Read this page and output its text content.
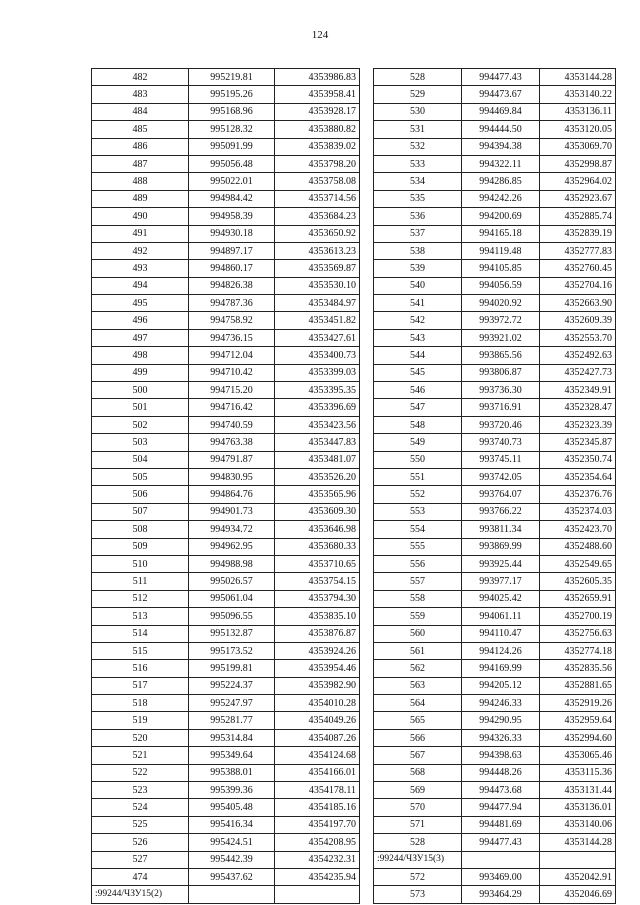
124
482	995219.81	4353986.83
483	995195.26	4353958.41
484	995168.96	4353928.17
485	995128.32	4353880.82
486	995091.99	4353839.02
487	995056.48	4353798.20
488	995022.01	4353758.08
489	994984.42	4353714.56
490	994958.39	4353684.23
491	994930.18	4353650.92
492	994897.17	4353613.23
493	994860.17	4353569.87
494	994826.38	4353530.10
495	994787.36	4353484.97
496	994758.92	4353451.82
497	994736.15	4353427.61
498	994712.04	4353400.73
499	994710.42	4353399.03
500	994715.20	4353395.35
501	994716.42	4353396.69
502	994740.59	4353423.56
503	994763.38	4353447.83
504	994791.87	4353481.07
505	994830.95	4353526.20
506	994864.76	4353565.96
507	994901.73	4353609.30
508	994934.72	4353646.98
509	994962.95	4353680.33
510	994988.98	4353710.65
511	995026.57	4353754.15
512	995061.04	4353794.30
513	995096.55	4353835.10
514	995132.87	4353876.87
515	995173.52	4353924.26
516	995199.81	4353954.46
517	995224.37	4353982.90
518	995247.97	4354010.28
519	995281.77	4354049.26
520	995314.84	4354087.26
521	995349.64	4354124.68
522	995388.01	4354166.01
523	995399.36	4354178.11
524	995405.48	4354185.16
525	995416.34	4354197.70
526	995424.51	4354208.95
527	995442.39	4354232.31
474	995437.62	4354235.94
:99244/ЧЗУ15(2)		
528	994477.43	4353144.28
529	994473.67	4353140.22
530	994469.84	4353136.11
531	994444.50	4353120.05
532	994394.38	4353069.70
533	994322.11	4352998.87
534	994286.85	4352964.02
535	994242.26	4352923.67
536	994200.69	4352885.74
537	994165.18	4352839.19
538	994119.48	4352777.83
539	994105.85	4352760.45
540	994056.59	4352704.16
541	994020.92	4352663.90
542	993972.72	4352609.39
543	993921.02	4352553.70
544	993865.56	4352492.63
545	993806.87	4352427.73
546	993736.30	4352349.91
547	993716.91	4352328.47
548	993720.46	4352323.39
549	993740.73	4352345.87
550	993745.11	4352350.74
551	993742.05	4352354.64
552	993764.07	4352376.76
553	993766.22	4352374.03
554	993811.34	4352423.70
555	993869.99	4352488.60
556	993925.44	4352549.65
557	993977.17	4352605.35
558	994025.42	4352659.91
559	994061.11	4352700.19
560	994110.47	4352756.63
561	994124.26	4352774.18
562	994169.99	4352835.56
563	994205.12	4352881.65
564	994246.33	4352919.26
565	994290.95	4352959.64
566	994326.33	4352994.60
567	994398.63	4353065.46
568	994448.26	4353115.36
569	994473.68	4353131.44
570	994477.94	4353136.01
571	994481.69	4353140.06
528	994477.43	4353144.28
:99244/ЧЗУ15(3)		
572	993469.00	4352042.91
573	993464.29	4352046.69
